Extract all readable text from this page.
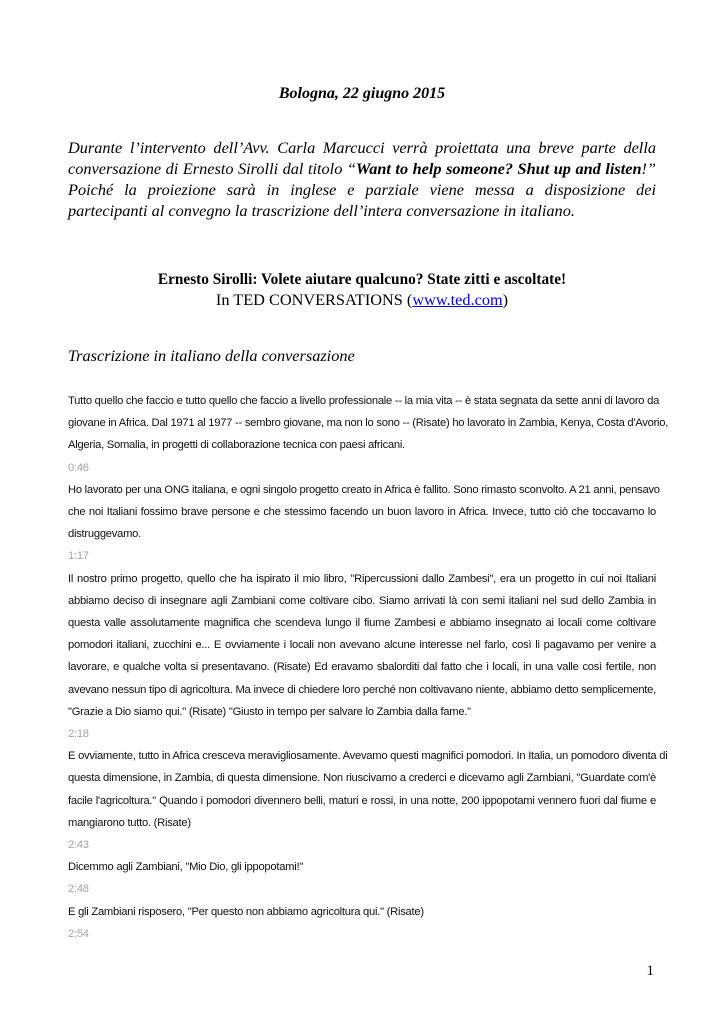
Bologna, 22 giugno 2015
Durante l’intervento dell’Avv. Carla Marcucci verrà proiettata una breve parte della conversazione di Ernesto Sirolli dal titolo “Want to help someone? Shut up and listen!” Poiché la proiezione sarà in inglese e parziale viene messa a disposizione dei partecipanti al convegno la trascrizione dell’intera conversazione in italiano.
Ernesto Sirolli: Volete aiutare qualcuno? State zitti e ascoltate!
In TED CONVERSATIONS (www.ted.com)
Trascrizione in italiano della conversazione
Tutto quello che faccio e tutto quello che faccio a livello professionale -- la mia vita -- è stata segnata da sette anni di lavoro da
giovane in Africa. Dal 1971 al 1977 -- sembro giovane, ma non lo sono -- (Risate) ho lavorato in Zambia, Kenya, Costa d'Avorio,
Algeria, Somalia, in progetti di collaborazione tecnica con paesi africani.
0:46
Ho lavorato per una ONG italiana, e ogni singolo progetto creato in Africa è fallito. Sono rimasto sconvolto. A 21 anni, pensavo
che noi Italiani fossimo brave persone e che stessimo facendo un buon lavoro in Africa. Invece, tutto ciò che toccavamo lo
distruggevamo.
1:17
Il nostro primo progetto, quello che ha ispirato il mio libro, "Ripercussioni dallo Zambesi", era un progetto in cui noi Italiani
abbiamo deciso di insegnare agli Zambiani come coltivare cibo. Siamo arrivati là con semi italiani nel sud dello Zambia in
questa valle assolutamente magnifica che scendeva lungo il fiume Zambesi e abbiamo insegnato ai locali come coltivare
pomodori italiani, zucchini e... E ovviamente i locali non avevano alcune interesse nel farlo, così li pagavamo per venire a
lavorare, e qualche volta si presentavano. (Risate) Ed eravamo sbalorditi dal fatto che i locali, in una valle così fertile, non
avevano nessun tipo di agricoltura. Ma invece di chiedere loro perché non coltivavano niente, abbiamo detto semplicemente,
"Grazie a Dio siamo qui." (Risate) "Giusto in tempo per salvare lo Zambia dalla fame."
2:18
E ovviamente, tutto in Africa cresceva meravigliosamente. Avevamo questi magnifici pomodori. In Italia, un pomodoro diventa di
questa dimensione, in Zambia, di questa dimensione. Non riuscivamo a crederci e dicevamo agli Zambiani, "Guardate com'è
facile l'agricoltura." Quando i pomodori divennero belli, maturi e rossi, in una notte, 200 ippopotami vennero fuori dal fiume e
mangiarono tutto. (Risate)
2:43
Dicemmo agli Zambiani, "Mio Dio, gli ippopotami!"
2:48
E gli Zambiani risposero, "Per questo non abbiamo agricoltura qui." (Risate)
2:54
1
